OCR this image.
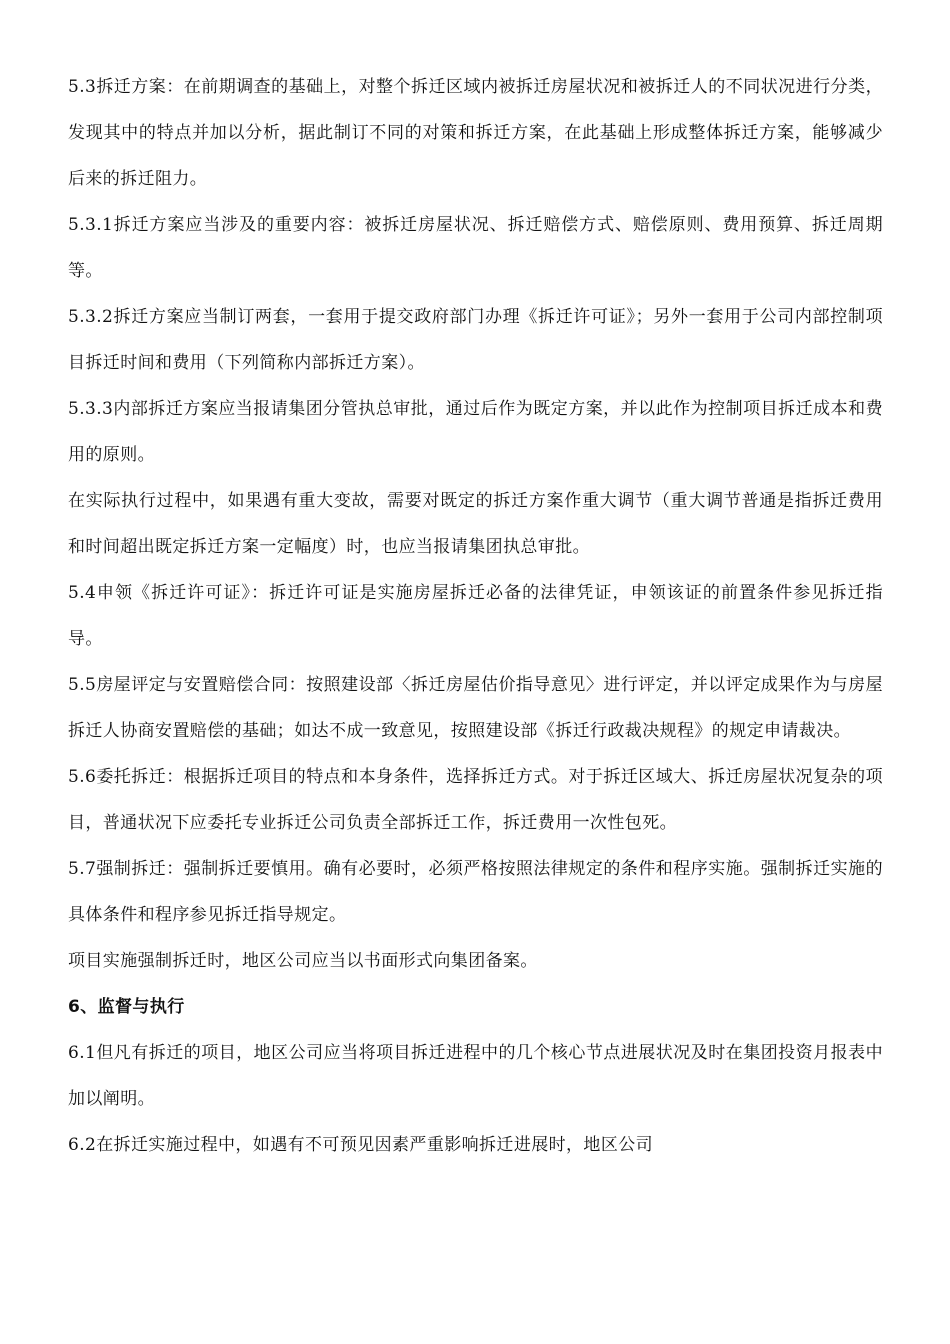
5.3拆迁方案：在前期调查的基础上，对整个拆迁区域内被拆迁房屋状况和被拆迁人的不同状况进行分类，发现其中的特点并加以分析，据此制订不同的对策和拆迁方案，在此基础上形成整体拆迁方案，能够减少后来的拆迁阻力。

5.3.1拆迁方案应当涉及的重要内容：被拆迁房屋状况、拆迁赔偿方式、赔偿原则、费用预算、拆迁周期等。

5.3.2拆迁方案应当制订两套，一套用于提交政府部门办理《拆迁许可证》；另外一套用于公司内部控制项目拆迁时间和费用（下列简称内部拆迁方案）。

5.3.3内部拆迁方案应当报请集团分管执总审批，通过后作为既定方案，并以此作为控制项目拆迁成本和费用的原则。

在实际执行过程中，如果遇有重大变故，需要对既定的拆迁方案作重大调节（重大调节普通是指拆迁费用和时间超出既定拆迁方案一定幅度）时，也应当报请集团执总审批。

5.4申领《拆迁许可证》：拆迁许可证是实施房屋拆迁必备的法律凭证，申领该证的前置条件参见拆迁指导。

5.5房屋评定与安置赔偿合同：按照建设部〈拆迁房屋估价指导意见〉进行评定，并以评定成果作为与房屋拆迁人协商安置赔偿的基础；如达不成一致意见，按照建设部《拆迁行政裁决规程》的规定申请裁决。

5.6委托拆迁：根据拆迁项目的特点和本身条件，选择拆迁方式。对于拆迁区域大、拆迁房屋状况复杂的项目，普通状况下应委托专业拆迁公司负责全部拆迁工作，拆迁费用一次性包死。

5.7强制拆迁：强制拆迁要慎用。确有必要时，必须严格按照法律规定的条件和程序实施。强制拆迁实施的具体条件和程序参见拆迁指导规定。

项目实施强制拆迁时，地区公司应当以书面形式向集团备案。

6、监督与执行

6.1但凡有拆迁的项目，地区公司应当将项目拆迁进程中的几个核心节点进展状况及时在集团投资月报表中加以阐明。

6.2在拆迁实施过程中，如遇有不可预见因素严重影响拆迁进展时，地区公司
